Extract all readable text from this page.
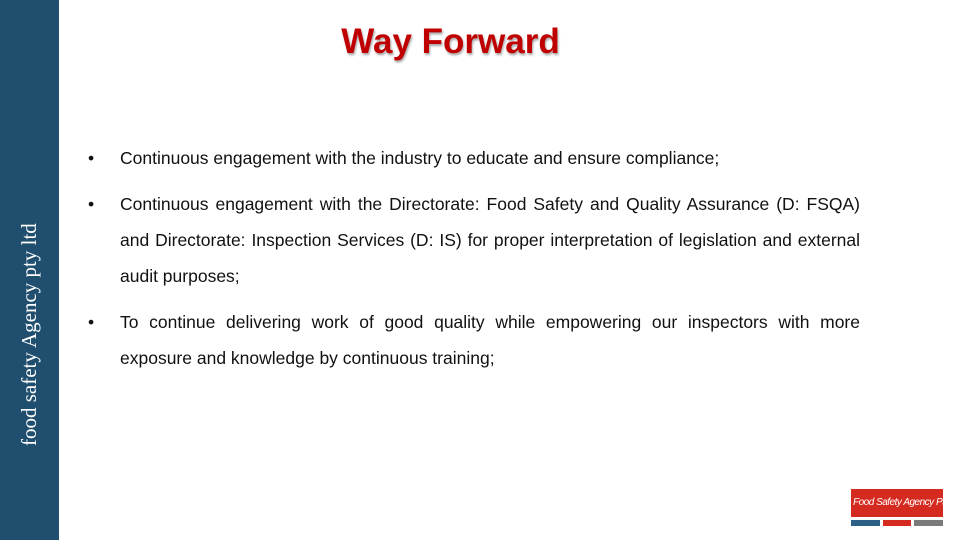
food safety Agency pty ltd
Way Forward
• Continuous engagement with the industry to educate and ensure compliance;
• Continuous engagement with the Directorate: Food Safety and Quality Assurance (D: FSQA) and Directorate: Inspection Services (D: IS) for proper interpretation of legislation and external audit purposes;
• To continue delivering work of good quality while empowering our inspectors with more exposure and knowledge by continuous training;
Food Safety Agency Pty ltd
